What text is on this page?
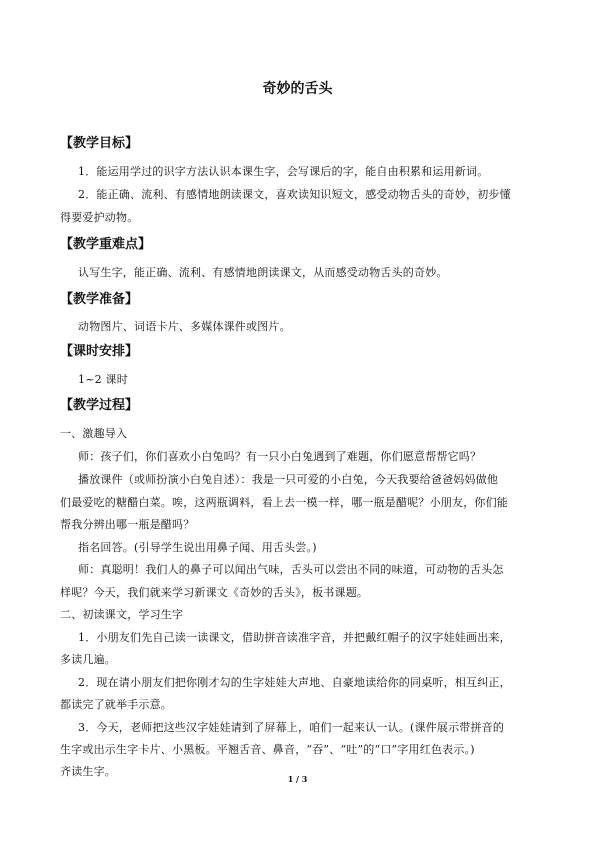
奇妙的舌头
【教学目标】
1．能运用学过的识字方法认识本课生字，会写课后的字，能自由积累和运用新词。
2．能正确、流利、有感情地朗读课文，喜欢读知识短文，感受动物舌头的奇妙，初步懂
得要爱护动物。
【教学重难点】
认写生字，能正确、流利、有感情地朗读课文，从而感受动物舌头的奇妙。
【教学准备】
动物图片、词语卡片、多媒体课件或图片。
【课时安排】
1~2 课时
【教学过程】
一、激趣导入
师：孩子们，你们喜欢小白兔吗？有一只小白兔遇到了难题，你们愿意帮帮它吗？
播放课件（或师扮演小白兔自述）：我是一只可爱的小白兔，今天我要给爸爸妈妈做他
们最爱吃的糖醋白菜。唉，这两瓶调料，看上去一模一样，哪一瓶是醋呢？小朋友，你们能
帮我分辨出哪一瓶是醋吗？
指名回答。(引导学生说出用鼻子闻、用舌头尝。)
师：真聪明！我们人的鼻子可以闻出气味，舌头可以尝出不同的味道，可动物的舌头怎
样呢？今天，我们就来学习新课文《奇妙的舌头》，板书课题。
二、初读课文，学习生字
1．小朋友们先自己读一读课文，借助拼音读准字音，并把戴红帽子的汉字娃娃画出来，
多读几遍。
2．现在请小朋友们把你刚才勾的生字娃娃大声地、自豪地读给你的同桌听，相互纠正，
都读完了就举手示意。
3．今天，老师把这些汉字娃娃请到了屏幕上，咱们一起来认一认。(课件展示带拼音的
生字或出示生字卡片、小黑板。平翘舌音、鼻音，“吞”、“吐”的“口”字用红色表示。)
齐读生字。
1 / 3
